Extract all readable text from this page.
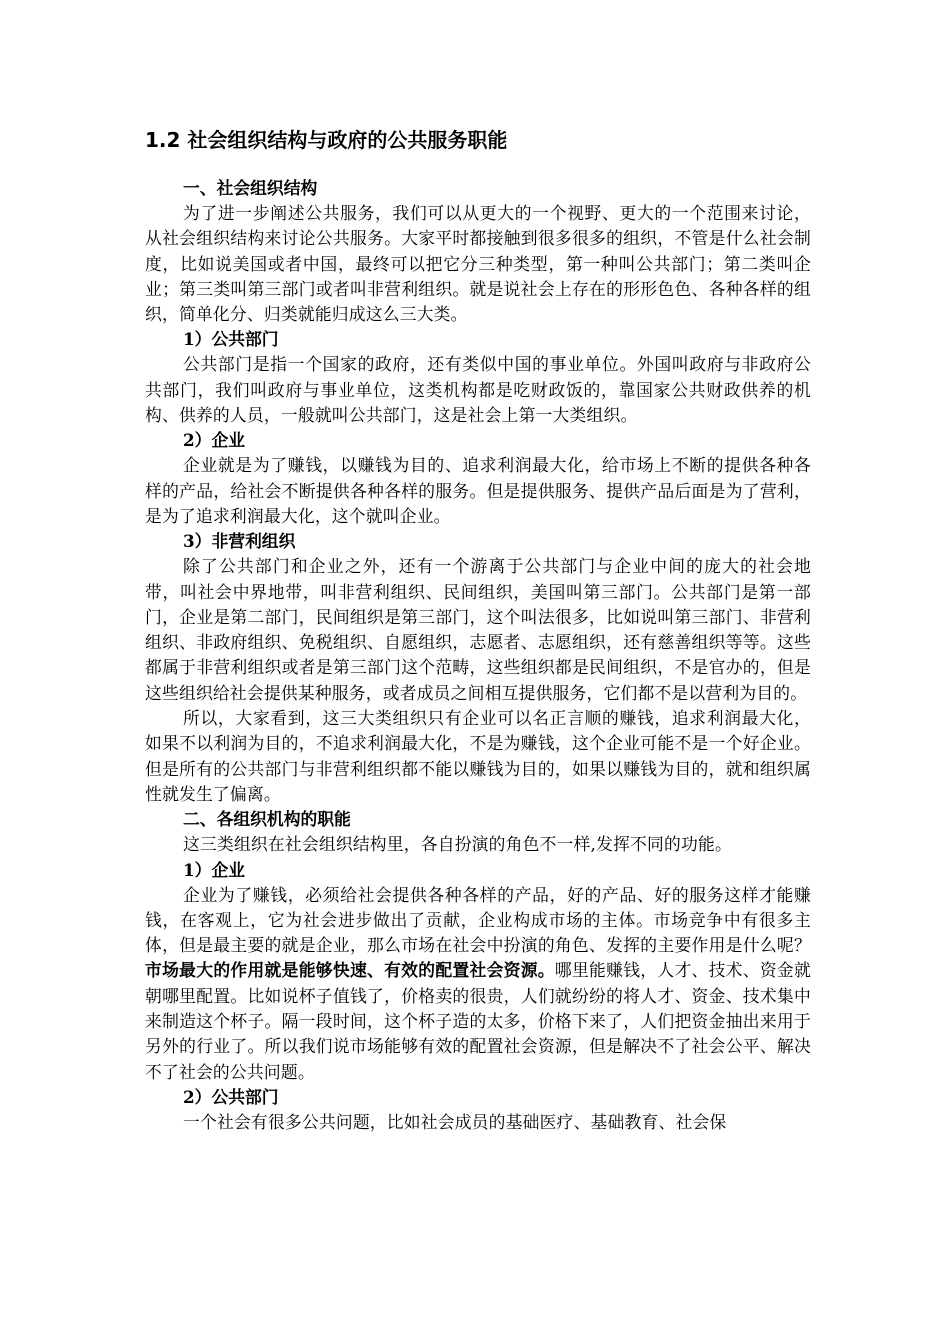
1.2 社会组织结构与政府的公共服务职能
一、社会组织结构

为了进一步阐述公共服务，我们可以从更大的一个视野、更大的一个范围来讨论，从社会组织结构来讨论公共服务。大家平时都接触到很多很多的组织，不管是什么社会制度，比如说美国或者中国，最终可以把它分三种类型，第一种叫公共部门；第二类叫企业；第三类叫第三部门或者叫非营利组织。就是说社会上存在的形形色色、各种各样的组织，简单化分、归类就能归成这么三大类。

1）公共部门

公共部门是指一个国家的政府，还有类似中国的事业单位。外国叫政府与非政府公共部门，我们叫政府与事业单位，这类机构都是吃财政饭的，靠国家公共财政供养的机构、供养的人员，一般就叫公共部门，这是社会上第一大类组织。

2）企业

企业就是为了赚钱，以赚钱为目的、追求利润最大化，给市场上不断的提供各种各样的产品，给社会不断提供各种各样的服务。但是提供服务、提供产品后面是为了营利，是为了追求利润最大化，这个就叫企业。

3）非营利组织

除了公共部门和企业之外，还有一个游离于公共部门与企业中间的庞大的社会地带，叫社会中界地带，叫非营利组织、民间组织，美国叫第三部门。公共部门是第一部门，企业是第二部门，民间组织是第三部门，这个叫法很多，比如说叫第三部门、非营利组织、非政府组织、免税组织、自愿组织，志愿者、志愿组织，还有慈善组织等等。这些都属于非营利组织或者是第三部门这个范畴，这些组织都是民间组织，不是官办的，但是这些组织给社会提供某种服务，或者成员之间相互提供服务，它们都不是以营利为目的。

所以，大家看到，这三大类组织只有企业可以名正言顺的赚钱，追求利润最大化，如果不以利润为目的，不追求利润最大化，不是为赚钱，这个企业可能不是一个好企业。但是所有的公共部门与非营利组织都不能以赚钱为目的，如果以赚钱为目的，就和组织属性就发生了偏离。

二、各组织机构的职能

这三类组织在社会组织结构里，各自扮演的角色不一样,发挥不同的功能。

1）企业

企业为了赚钱，必须给社会提供各种各样的产品，好的产品、好的服务这样才能赚钱，在客观上，它为社会进步做出了贡献，企业构成市场的主体。市场竞争中有很多主体，但是最主要的就是企业，那么市场在社会中扮演的角色、发挥的主要作用是什么呢？市场最大的作用就是能够快速、有效的配置社会资源。哪里能赚钱，人才、技术、资金就朝哪里配置。比如说杯子值钱了，价格卖的很贵，人们就纷纷的将人才、资金、技术集中来制造这个杯子。隔一段时间，这个杯子造的太多，价格下来了，人们把资金抽出来用于另外的行业了。所以我们说市场能够有效的配置社会资源，但是解决不了社会公平、解决不了社会的公共问题。

2）公共部门

一个社会有很多公共问题，比如社会成员的基础医疗、基础教育、社会保
